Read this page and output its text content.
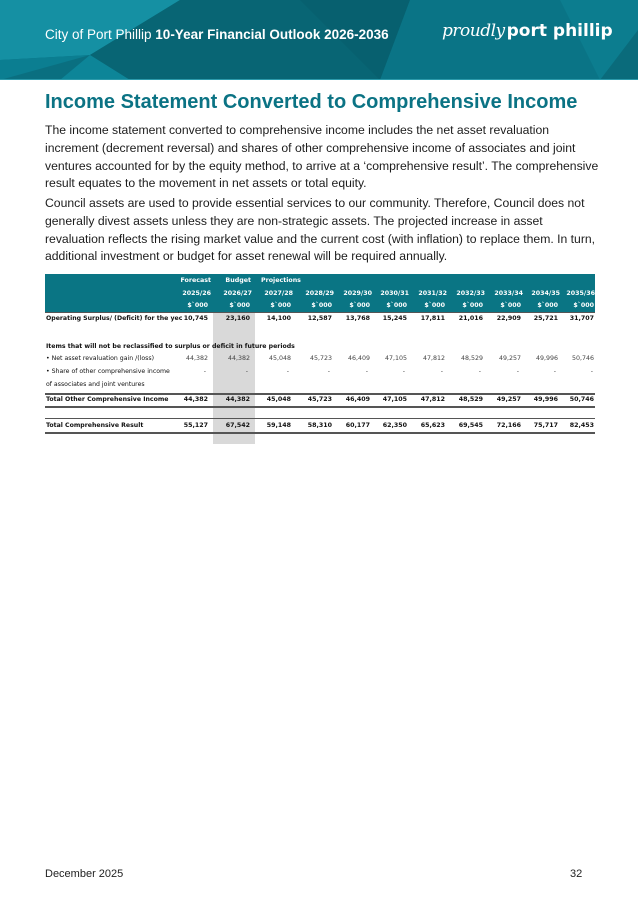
City of Port Phillip 10-Year Financial Outlook 2026-2036	proudly port phillip
Income Statement Converted to Comprehensive Income

The income statement converted to comprehensive income includes the net asset revaluation increment (decrement reversal) and shares of other comprehensive income of associates and joint ventures accounted for by the equity method, to arrive at a ‘comprehensive result’. The comprehensive result equates to the movement in net assets or total equity.

Council assets are used to provide essential services to our community. Therefore, Council does not generally divest assets unless they are non-strategic assets. The projected increase in asset revaluation reflects the rising market value and the current cost (with inflation) to replace them. In turn, additional investment or budget for asset renewal will be required annually.

Forecast	Budget Projections
2025/26	2026/27	2027/28	2028/29	2029/30	2030/31	2031/32	2032/33	2033/34	2034/35	2035/36
$`000	$`000	$`000	$`000	$`000	$`000	$`000	$`000	$`000	$`000	$`000
Operating Surplus/ (Deficit) for the yec 10,745	23,160	14,100	12,587	13,768	15,245	17,811	21,016	22,909	25,721	31,707
Items that will not be reclassified to surplus or deficit in future periods
• Net asset revaluation gain /(loss)	44,382	44,382	45,048	45,723	46,409	47,105	47,812	48,529	49,257	49,996	50,746
• Share of other comprehensive income
of associates and joint ventures
-	-	-	-	-	-	-	-	-	-	-
Total Other Comprehensive Income	44,382	44,382	45,048	45,723	46,409	47,105	47,812	48,529	49,257	49,996	50,746
Total Comprehensive Result	55,127	67,542	59,148	58,310	60,177	62,350	65,623	69,545	72,166	75,717	82,453
December 2025	32
